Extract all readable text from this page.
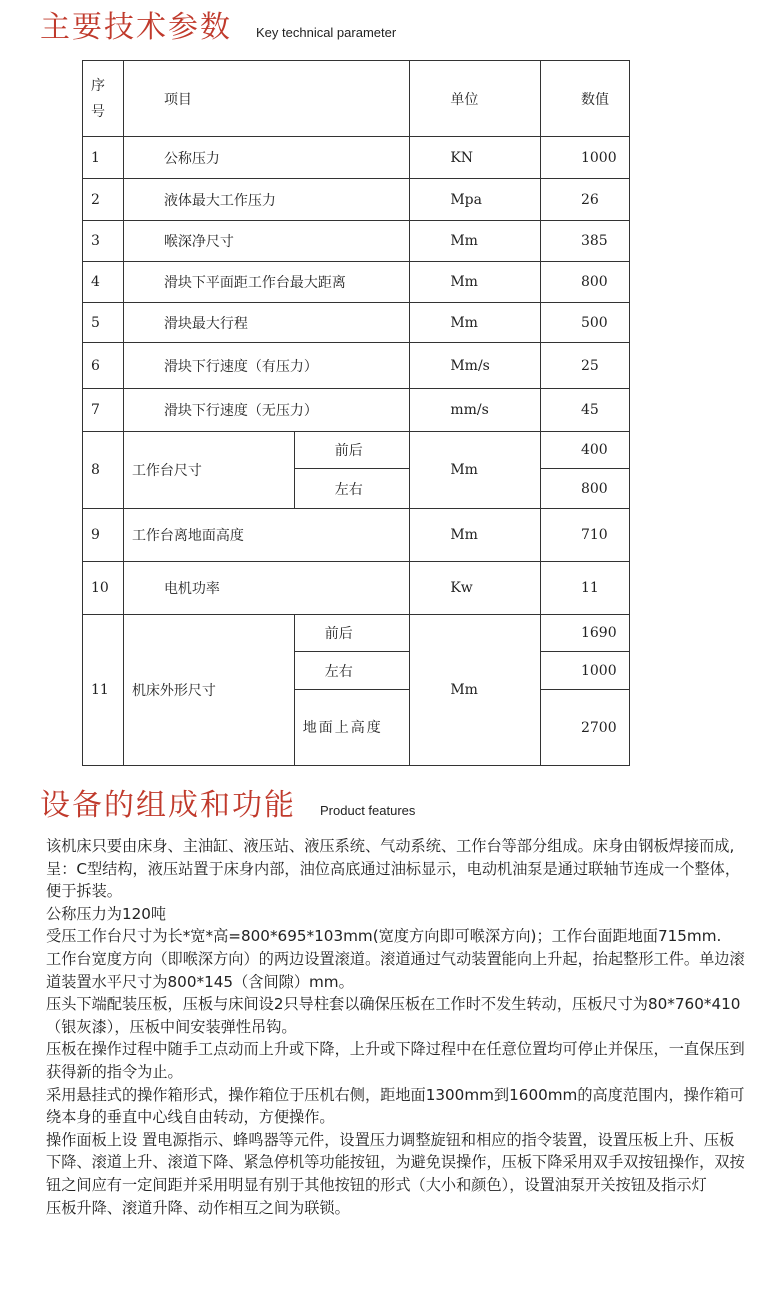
主要技术参数 Key technical parameter
序号	项目		单位	数值
1	公称压力		KN	1000
2	液体最大工作压力		Mpa	26
3	喉深净尺寸		Mm	385
4	滑块下平面距工作台最大距离		Mm	800
5	滑块最大行程		Mm	500
6	滑块下行速度（有压力）		Mm/s	25
7	滑块下行速度（无压力）		mm/s	45
8	工作台尺寸	前后	Mm	400
		左右		800
9	工作台离地面高度		Mm	710
10	电机功率		Kw	11
11	机床外形尺寸	前后	Mm	1690
		左右		1000
		地面上高度		2700
设备的组成和功能 Product features

该机床只要由床身、主油缸、液压站、液压系统、气动系统、工作台等部分组成。床身由钢板焊接而成,呈：C型结构，液压站置于床身内部，油位高底通过油标显示，电动机油泵是通过联轴节连成一个整体，便于拆装。

公称压力为120吨

受压工作台尺寸为长*宽*高=800*695*103mm(宽度方向即可喉深方向)；工作台面距地面715mm.

工作台宽度方向（即喉深方向）的两边设置滚道。滚道通过气动装置能向上升起，抬起整形工件。单边滚道装置水平尺寸为800*145（含间隙）mm。

压头下端配装压板，压板与床间设2只导柱套以确保压板在工作时不发生转动，压板尺寸为80*760*410（银灰漆），压板中间安装弹性吊钩。

压板在操作过程中随手工点动而上升或下降，上升或下降过程中在任意位置均可停止并保压，一直保压到获得新的指令为止。

采用悬挂式的操作箱形式，操作箱位于压机右侧，距地面1300mm到1600mm的高度范围内，操作箱可绕本身的垂直中心线自由转动，方便操作。

操作面板上设 置电源指示、蜂鸣器等元件，设置压力调整旋钮和相应的指令装置，设置压板上升、压板下降、滚道上升、滚道下降、紧急停机等功能按钮，为避免误操作，压板下降采用双手双按钮操作，双按钮之间应有一定间距并采用明显有别于其他按钮的形式（大小和颜色），设置油泵开关按钮及指示灯

压板升降、滚道升降、动作相互之间为联锁。
